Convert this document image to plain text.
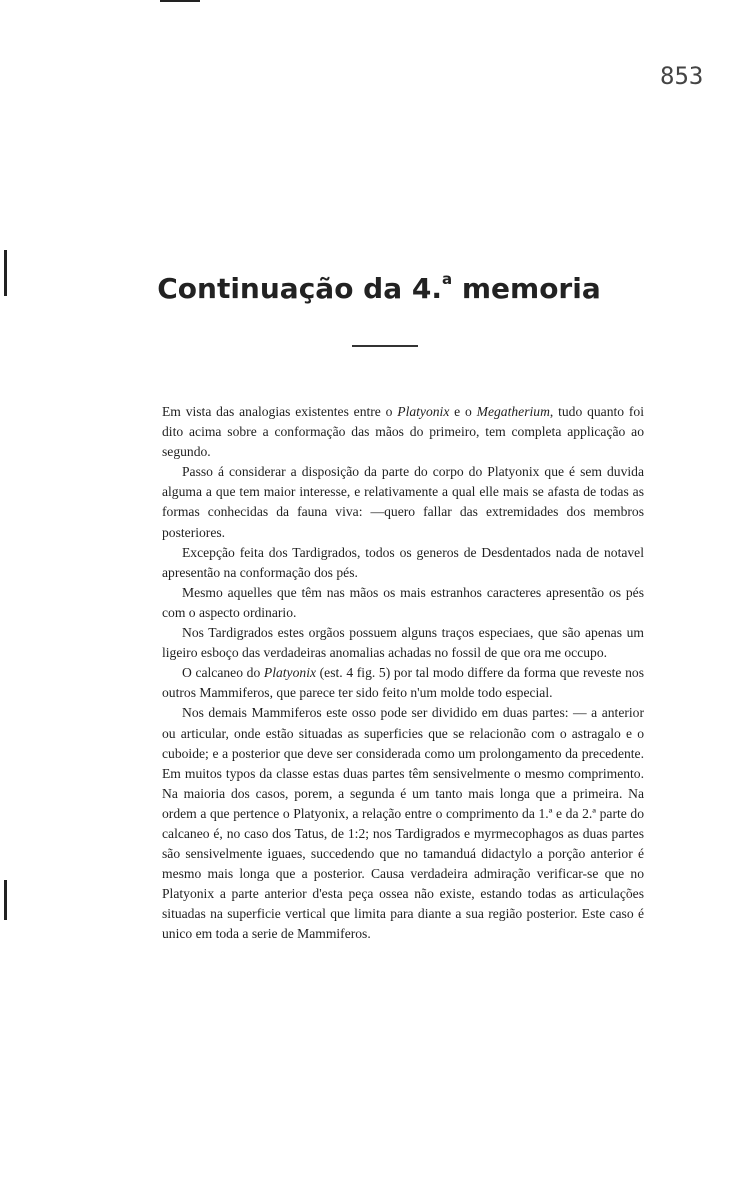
853
Continuação da 4.$^a$ memoria

Em vista das analogias existentes entre o Platyonix e o Megatherium, tudo quanto foi dito acima sobre a conformação das mãos do primeiro, tem completa applicação ao segundo.

Passo á considerar a disposição da parte do corpo do Platyonix que é sem duvida alguma a que tem maior interesse, e relativamente a qual elle mais se afasta de todas as formas conhecidas da fauna viva: —quero fallar das extremidades dos membros posteriores.

Excepção feita dos Tardigrados, todos os generos de Desdentados nada de notavel apresentão na conformação dos pés.

Mesmo aquelles que têm nas mãos os mais estranhos caracteres apresentão os pés com o aspecto ordinario.

Nos Tardigrados estes orgãos possuem alguns traços especiaes, que são apenas um ligeiro esboço das verdadeiras anomalias achadas no fossil de que ora me occupo.

O calcaneo do Platyonix (est. 4 fig. 5) por tal modo differe da forma que reveste nos outros Mammiferos, que parece ter sido feito n'um molde todo especial.

Nos demais Mammiferos este osso pode ser dividido em duas partes: — a anterior ou articular, onde estão situadas as superficies que se relacionão com o astragalo e o cuboide; e a posterior que deve ser considerada como um prolongamento da precedente. Em muitos typos da classe estas duas partes têm sensivelmente o mesmo comprimento. Na maioria dos casos, porem, a segunda é um tanto mais longa que a primeira. Na ordem a que pertence o Platyonix, a relação entre o comprimento da 1.ª e da 2.ª parte do calcaneo é, no caso dos Tatus, de 1:2; nos Tardigrados e myrmecophagos as duas partes são sensivelmente iguaes, succedendo que no tamanduá didactylo a porção anterior é mesmo mais longa que a posterior. Causa verdadeira admiração verificar-se que no Platyonix a parte anterior d'esta peça ossea não existe, estando todas as articulações situadas na superficie vertical que limita para diante a sua região posterior. Este caso é unico em toda a serie de Mammiferos.
